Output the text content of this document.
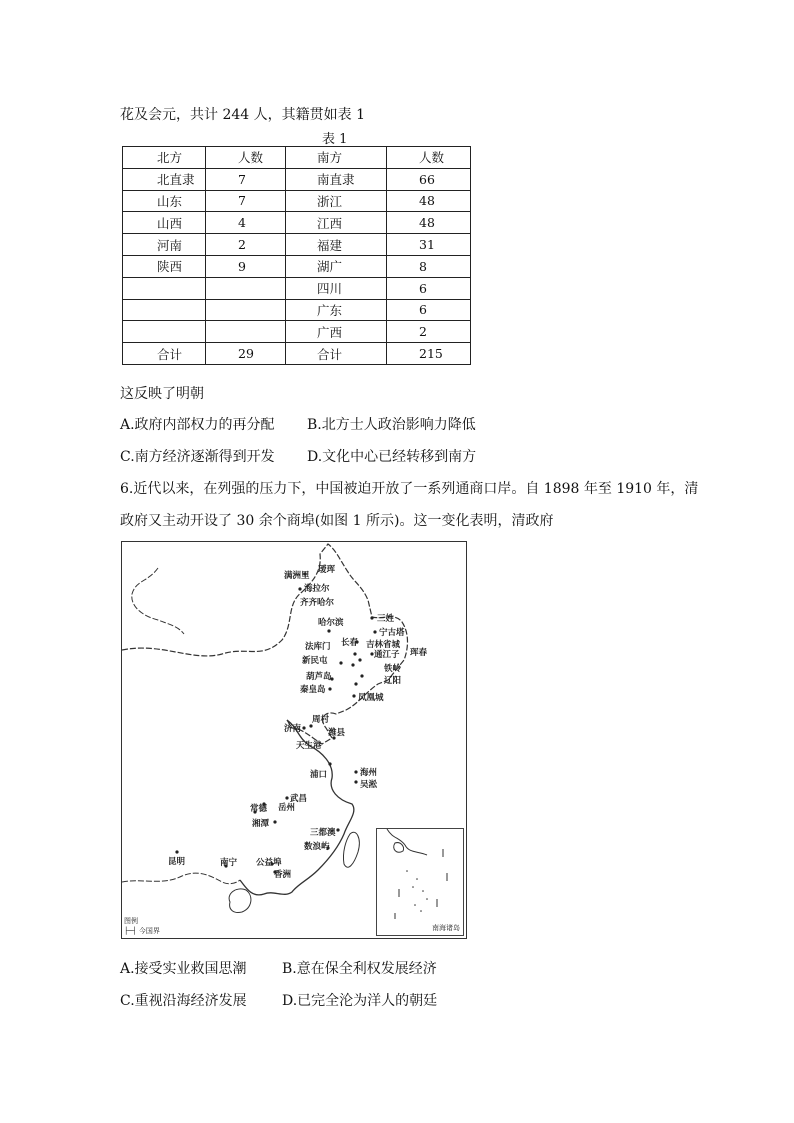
花及会元，共计 244 人，其籍贯如表 1
表 1
北方	人数	南方	人数
北直隶	7	南直隶	66
山东	7	浙江	48
山西	4	江西	48
河南	2	福建	31
陕西	9	湖广	8
		四川	6
		广东	6
		广西	2
合计	29	合计	215
这反映了明朝
A.政府内部权力的再分配 B.北方士人政治影响力降低
C.南方经济逐渐得到开发 D.文化中心已经转移到南方
6.近代以来，在列强的压力下，中国被迫开放了一系列通商口岸。自 1898 年至 1910 年，清
政府又主动开设了 30 余个商埠(如图 1 所示)。这一变化表明，清政府
满洲里
瑷珲
海拉尔
齐齐哈尔
三姓
哈尔滨
宁古塔
长春 吉林省城
法库门
通江子 珲春
新民屯
铁岭
葫芦岛	辽阳
秦皇岛
凤凰城
周村
济南	潍县
天生港
海州
浦口
吴淞
武昌
常德 岳州
湘潭
三都澳
数浪屿
昆明	南宁 公益埠
香洲
图例
├─┤ 今国界	南海诸岛
A.接受实业救国思潮	B.意在保全利权发展经济
C.重视沿海经济发展	D.已完全沦为洋人的朝廷
